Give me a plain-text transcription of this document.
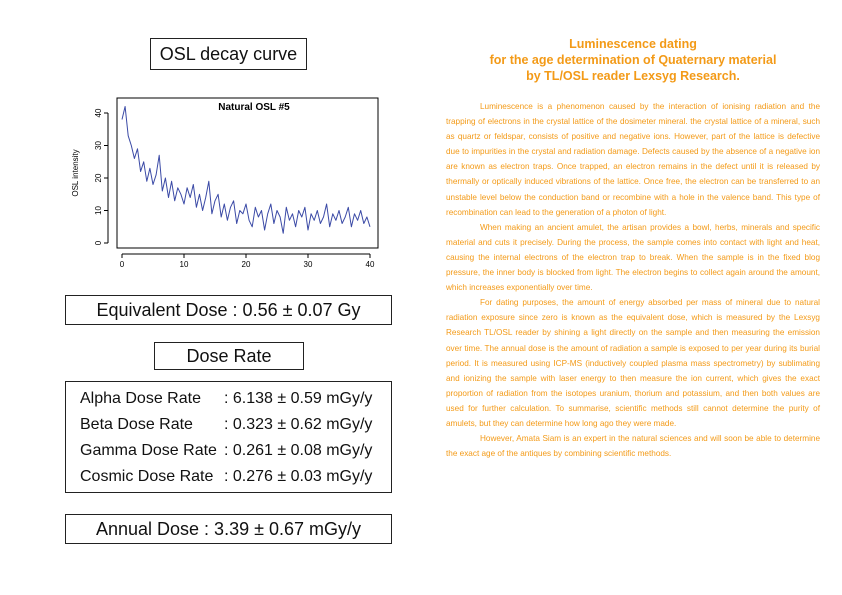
OSL decay curve
0	10	20	30	40
0
10
20
30
40	Natural OSL #5
OSL intensity
Equivalent Dose : 0.56 ± 0.07 Gy
Dose Rate
Alpha Dose Rate : 6.138 ± 0.59 mGy/y
Beta Dose Rate : 0.323 ± 0.62 mGy/y
Gamma Dose Rate : 0.261 ± 0.08 mGy/y
Cosmic Dose Rate : 0.276 ± 0.03 mGy/y
Annual Dose : 3.39 ± 0.67 mGy/y
Luminescence dating
for the age determination of Quaternary material
by TL/OSL reader Lexsyg Research.

Luminescence is a phenomenon caused by the interaction of ionising radiation and the trapping of electrons in the crystal lattice of the dosimeter mineral. the crystal lattice of a mineral, such as quartz or feldspar, consists of positive and negative ions. However, part of the lattice is defective due to impurities in the crystal and radiation damage. Defects caused by the absence of a negative ion are known as electron traps. Once trapped, an electron remains in the defect until it is released by thermally or optically induced vibrations of the lattice. Once free, the electron can be transferred to an unstable level below the conduction band or recombine with a hole in the valence band. This type of recombination can lead to the generation of a photon of light.

When making an ancient amulet, the artisan provides a bowl, herbs, minerals and specific material and cuts it precisely. During the process, the sample comes into contact with light and heat, causing the internal electrons of the electron trap to break. When the sample is in the fixed blog pressure, the inner body is blocked from light. The electron begins to collect again around the amount, which increases exponentially over time.

For dating purposes, the amount of energy absorbed per mass of mineral due to natural radiation exposure since zero is known as the equivalent dose, which is measured by the Lexsyg Research TL/OSL reader by shining a light directly on the sample and then measuring the emission over time. The annual dose is the amount of radiation a sample is exposed to per year during its burial period. It is measured using ICP-MS (inductively coupled plasma mass spectrometry) by sublimating and ionizing the sample with laser energy to then measure the ion current, which gives the exact proportion of radiation from the isotopes uranium, thorium and potassium, and then both values are used for further calculation. To summarise, scientific methods still cannot determine the purity of amulets, but they can determine how long ago they were made.

However, Amata Siam is an expert in the natural sciences and will soon be able to determine the exact age of the antiques by combining scientific methods.
